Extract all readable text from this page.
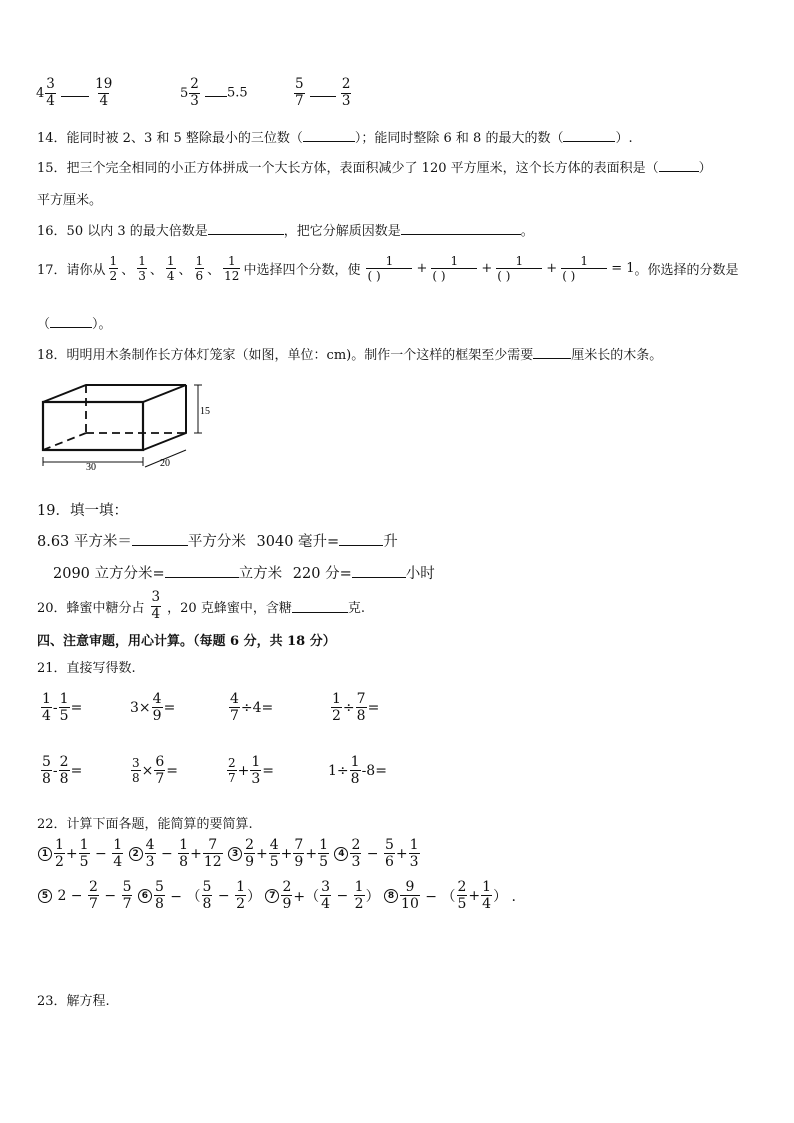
$4 \frac{3}{4}$
	$\frac{19}{4}$	$5 \frac{2}{3} 5.5$	$\frac{5}{7}$
	$\frac{2}{3}$
14．能同时被 2、3 和 5 整除最小的三位数（	）；能同时整除 6 和 8 的最大的数（	）.
15．把三个完全相同的小正方体拼成一个大长方体，表面积减少了 120 平方厘米，这个长方体的表面积是（	）
平方厘米。
16．50 以内 3 的最大倍数是	，把它分解质因数是	。
17．请你从 $\frac{1}{2}$ 、 $\frac{1}{3}$ 、 $\frac{1}{4}$ 、 $\frac{1}{6}$ 、 $\frac{1}{12}$ 中选择四个分数，使 $\frac{1}{( )} + \frac{1}{( )} + \frac{1}{( )} + \frac{1}{( )} = 1$ 。你选择的分数是
（	）。
18．明明用木条制作长方体灯笼家（如图，单位：cm)。制作一个这样的框架至少需要	厘米长的木条。
15
30	20
19．填一填：
8.63 平方米＝	平方分米 3040 毫升=	升
2090 立方分米=	立方米 220 分=	小时
20．蜂蜜中糖分占 $\frac{3}{4}$ ，20 克蜂蜜中，含糖	克.
四、注意审题，用心计算。（每题 6 分，共 18 分）
21．直接写得数.
$\frac{1}{4} - \frac{1}{5}$ =	$3\times \frac{4}{9}$ =	$\frac{4}{7} \div 4=$	$\frac{1}{2} \div \frac{7}{8}$ =
$\frac{5}{8} - \frac{2}{8}$ =	$\frac{3}{8} \times \frac{6}{7}$ =	$\frac{2}{7} + \frac{1}{3}$ =	$1\div \frac{1}{8} -8=$
22．计算下面各题，能简算的要简算.
$1 \frac{1}{2} + \frac{1}{5} - \frac{1}{4}$
	$2 \frac{4}{3} - \frac{1}{8} + \frac{7}{12}$
	$3 \frac{2}{9} + \frac{4}{5} + \frac{7}{9} + \frac{1}{5}$
	$4 \frac{2}{3} - \frac{5}{6} + \frac{1}{3}$
5 $2 - \frac{2}{7} - \frac{5}{7}$
	$6 \frac{5}{8}$ − （ $\frac{5}{8} - \frac{1}{2}$ ） $7 \frac{2}{9}$ +（ $\frac{3}{4} - \frac{1}{2}$ ） $8 \frac{9}{10}$ − （ $\frac{2}{5} + \frac{1}{4}$ ） .
23．解方程.
